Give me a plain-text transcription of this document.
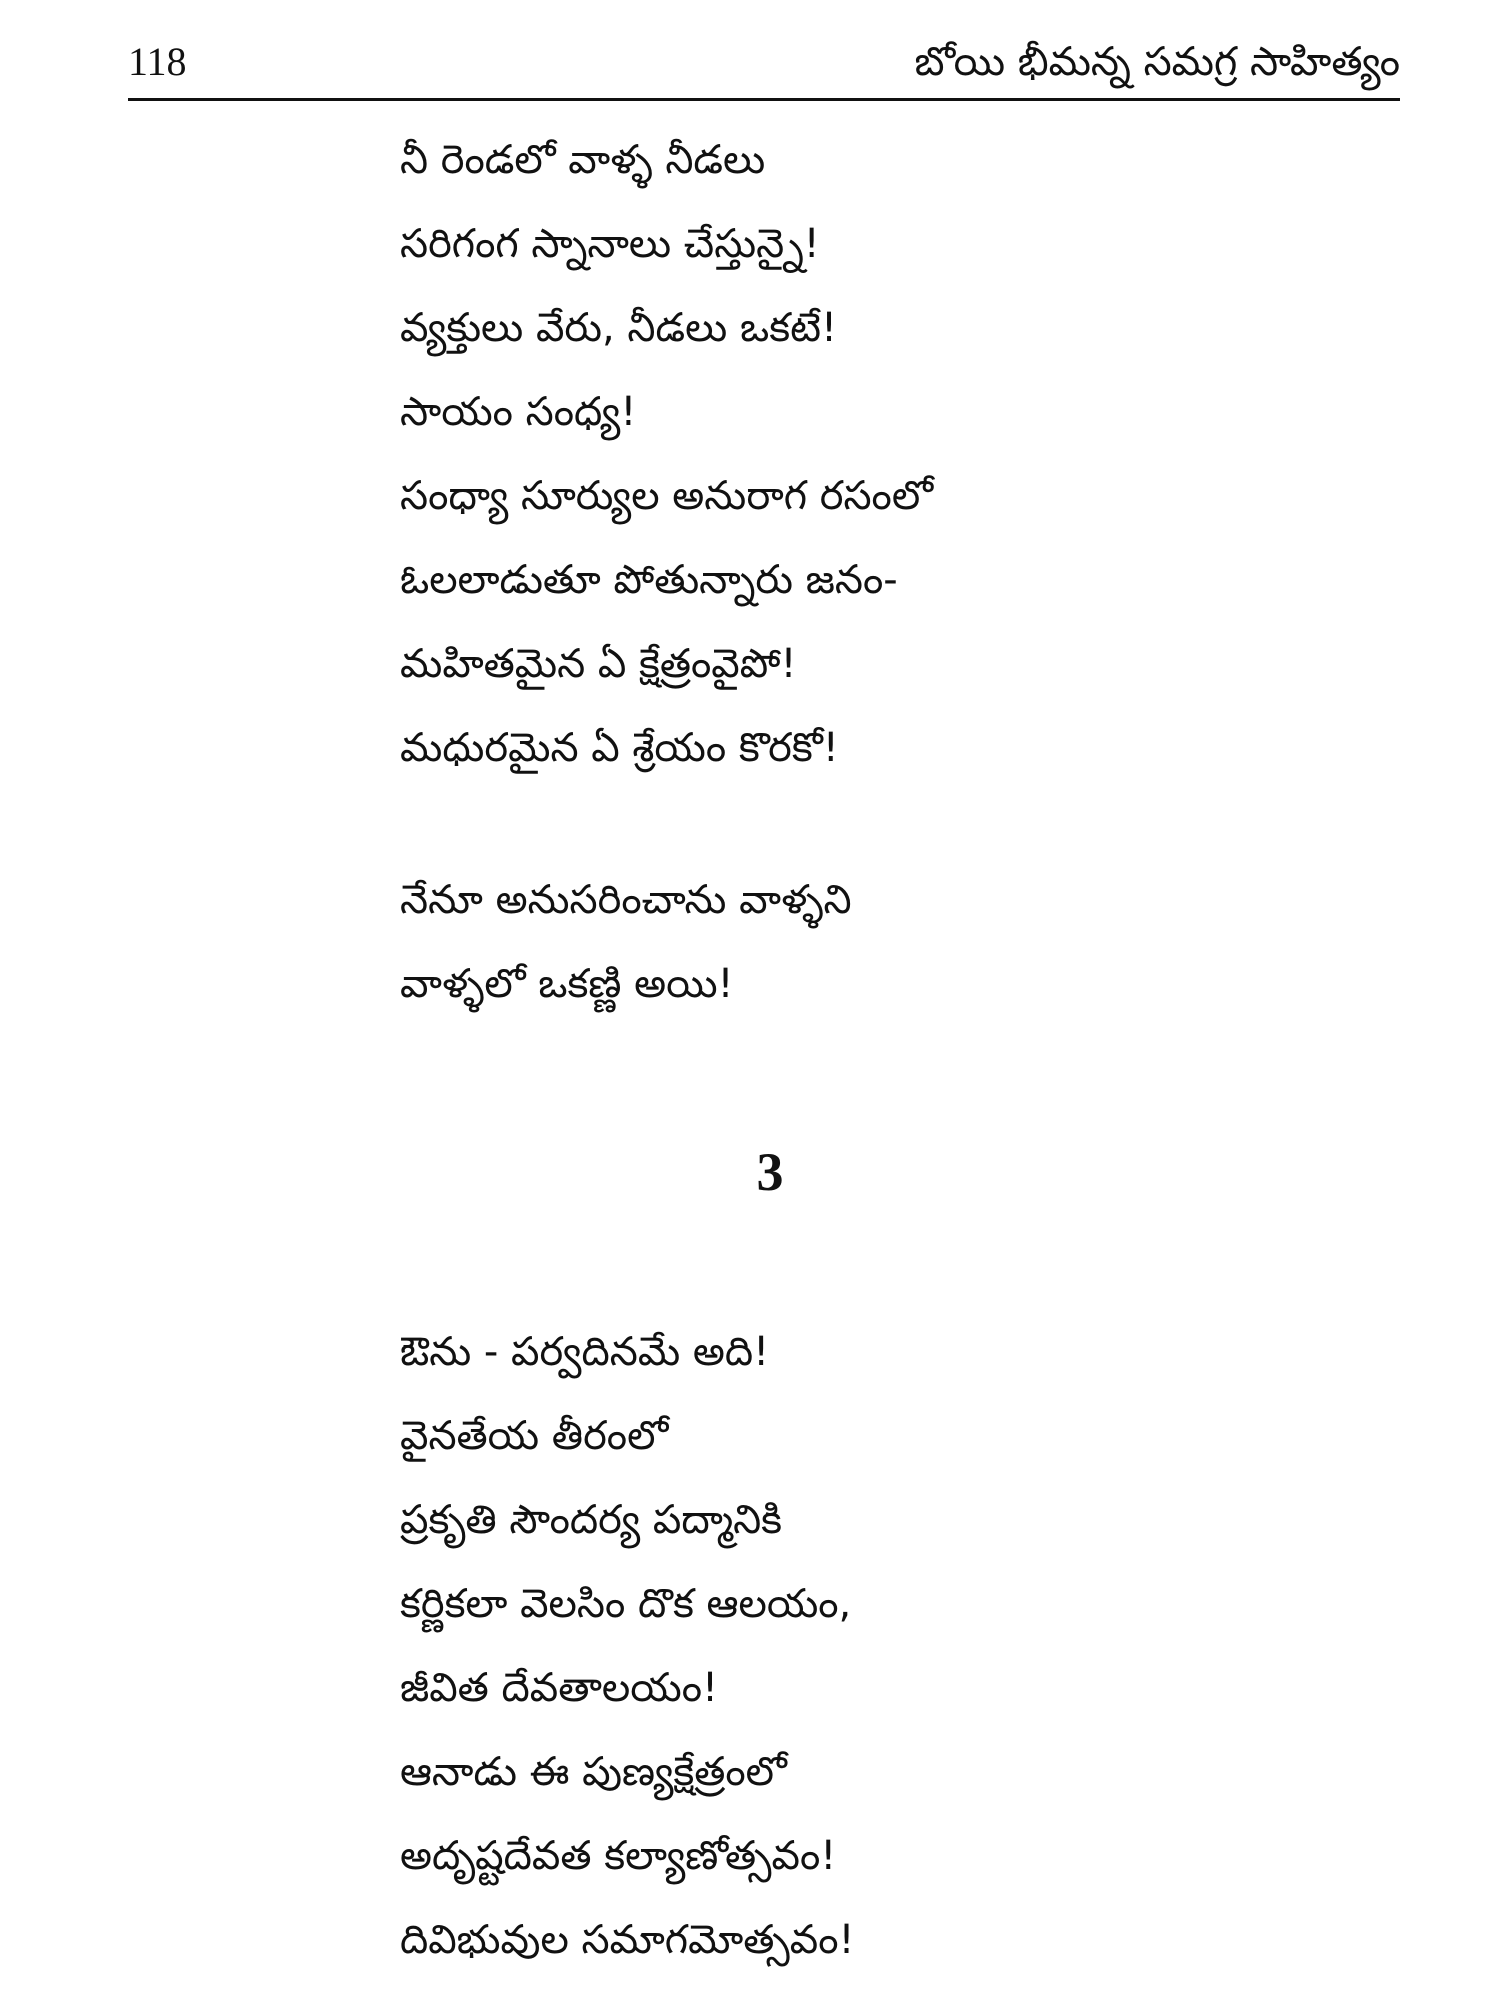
118	బోయి భీమన్న సమగ్ర సాహిత్యం
నీ రెండలో వాళ్ళ నీడలు
సరిగంగ స్నానాలు చేస్తున్నై!
వ్యక్తులు వేరు, నీడలు ఒకటే!
సాయం సంధ్య!
సంధ్యా సూర్యుల అనురాగ రసంలో
ఓలలాడుతూ పోతున్నారు జనం-
మహితమైన ఏ క్షేత్రంవైపో!
మధురమైన ఏ శ్రేయం కొరకో!
నేనూ అనుసరించాను వాళ్ళని
వాళ్ళలో ఒకణ్ణి అయి!
3
ఔను - పర్వదినమే అది!
వైనతేయ తీరంలో
ప్రకృతి సౌందర్య పద్మానికి
కర్ణికలా వెలసిం దొక ఆలయం,
జీవిత దేవతాలయం!
ఆనాడు ఈ పుణ్యక్షేత్రంలో
అదృష్టదేవత కల్యాణోత్సవం!
దివిభువుల సమాగమోత్సవం!
